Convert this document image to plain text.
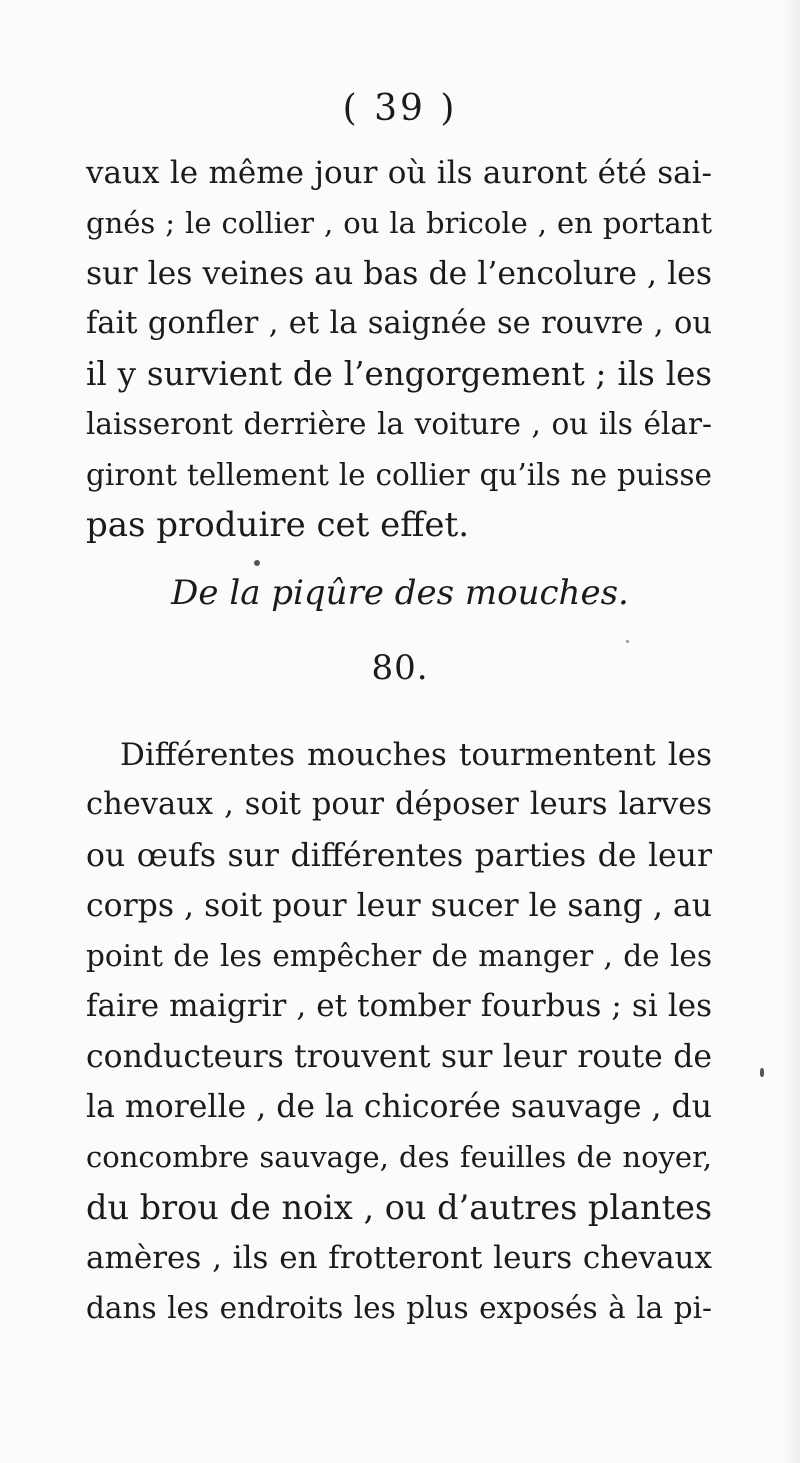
( 39 )
vaux le même jour où ils auront été sai-
gnés ; le collier , ou la bricole , en portant
sur les veines au bas de l’encolure , les
fait gonfler , et la saignée se rouvre , ou
il y survient de l’engorgement ; ils les
laisseront derrière la voiture , ou ils élar-
giront tellement le collier qu’ils ne puisse
pas produire cet effet.
De la piqûre des mouches.
80.
Différentes mouches tourmentent les
chevaux , soit pour déposer leurs larves
ou œufs sur différentes parties de leur
corps , soit pour leur sucer le sang , au
point de les empêcher de manger , de les
faire maigrir , et tomber fourbus ; si les
conducteurs trouvent sur leur route de
la morelle , de la chicorée sauvage , du
concombre sauvage, des feuilles de noyer,
du brou de noix , ou d’autres plantes
amères , ils en frotteront leurs chevaux
dans les endroits les plus exposés à la pi-
